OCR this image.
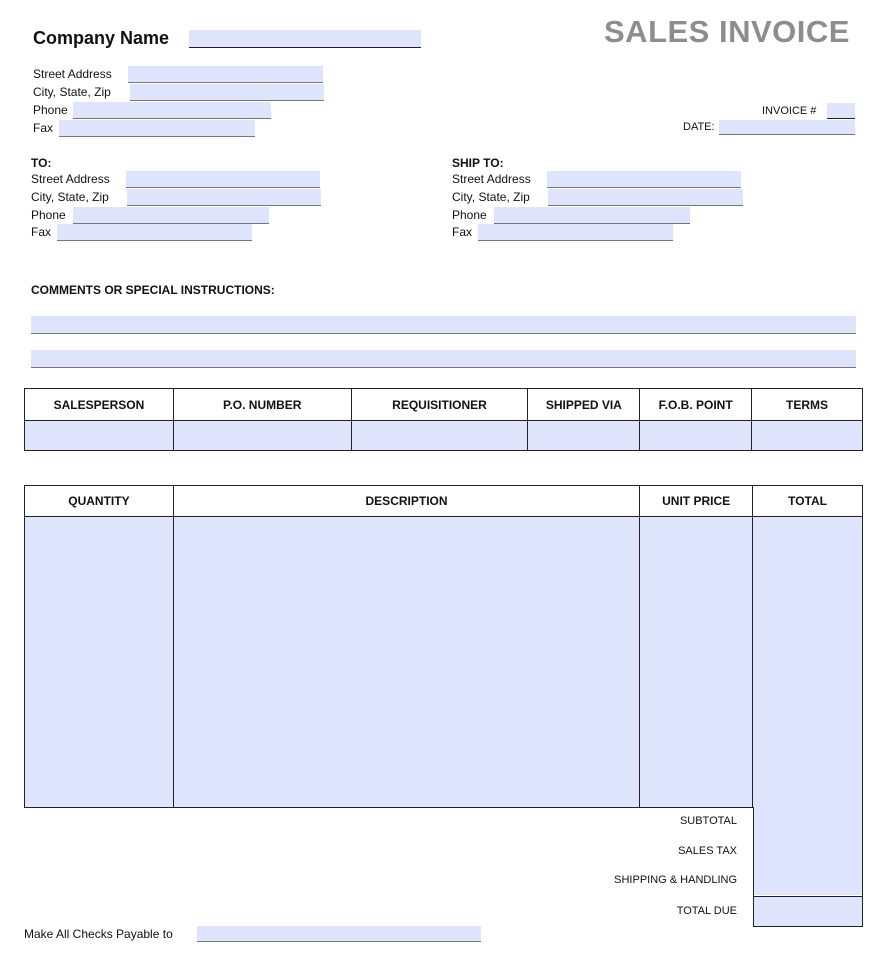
Company Name	SALES INVOICE
Street Address
City, State, Zip
Phone
Fax
INVOICE #
DATE:
TO:
Street Address
City, State, Zip
Phone
Fax
SHIP TO:
Street Address
City, State, Zip
Phone
Fax
COMMENTS OR SPECIAL INSTRUCTIONS:
SALESPERSON	P.O. NUMBER	REQUISITIONER	SHIPPED VIA	F.O.B. POINT	TERMS

QUANTITY	DESCRIPTION	UNIT PRICE	TOTAL

SUBTOTAL
SALES TAX
SHIPPING & HANDLING
TOTAL DUE
Make All Checks Payable to
